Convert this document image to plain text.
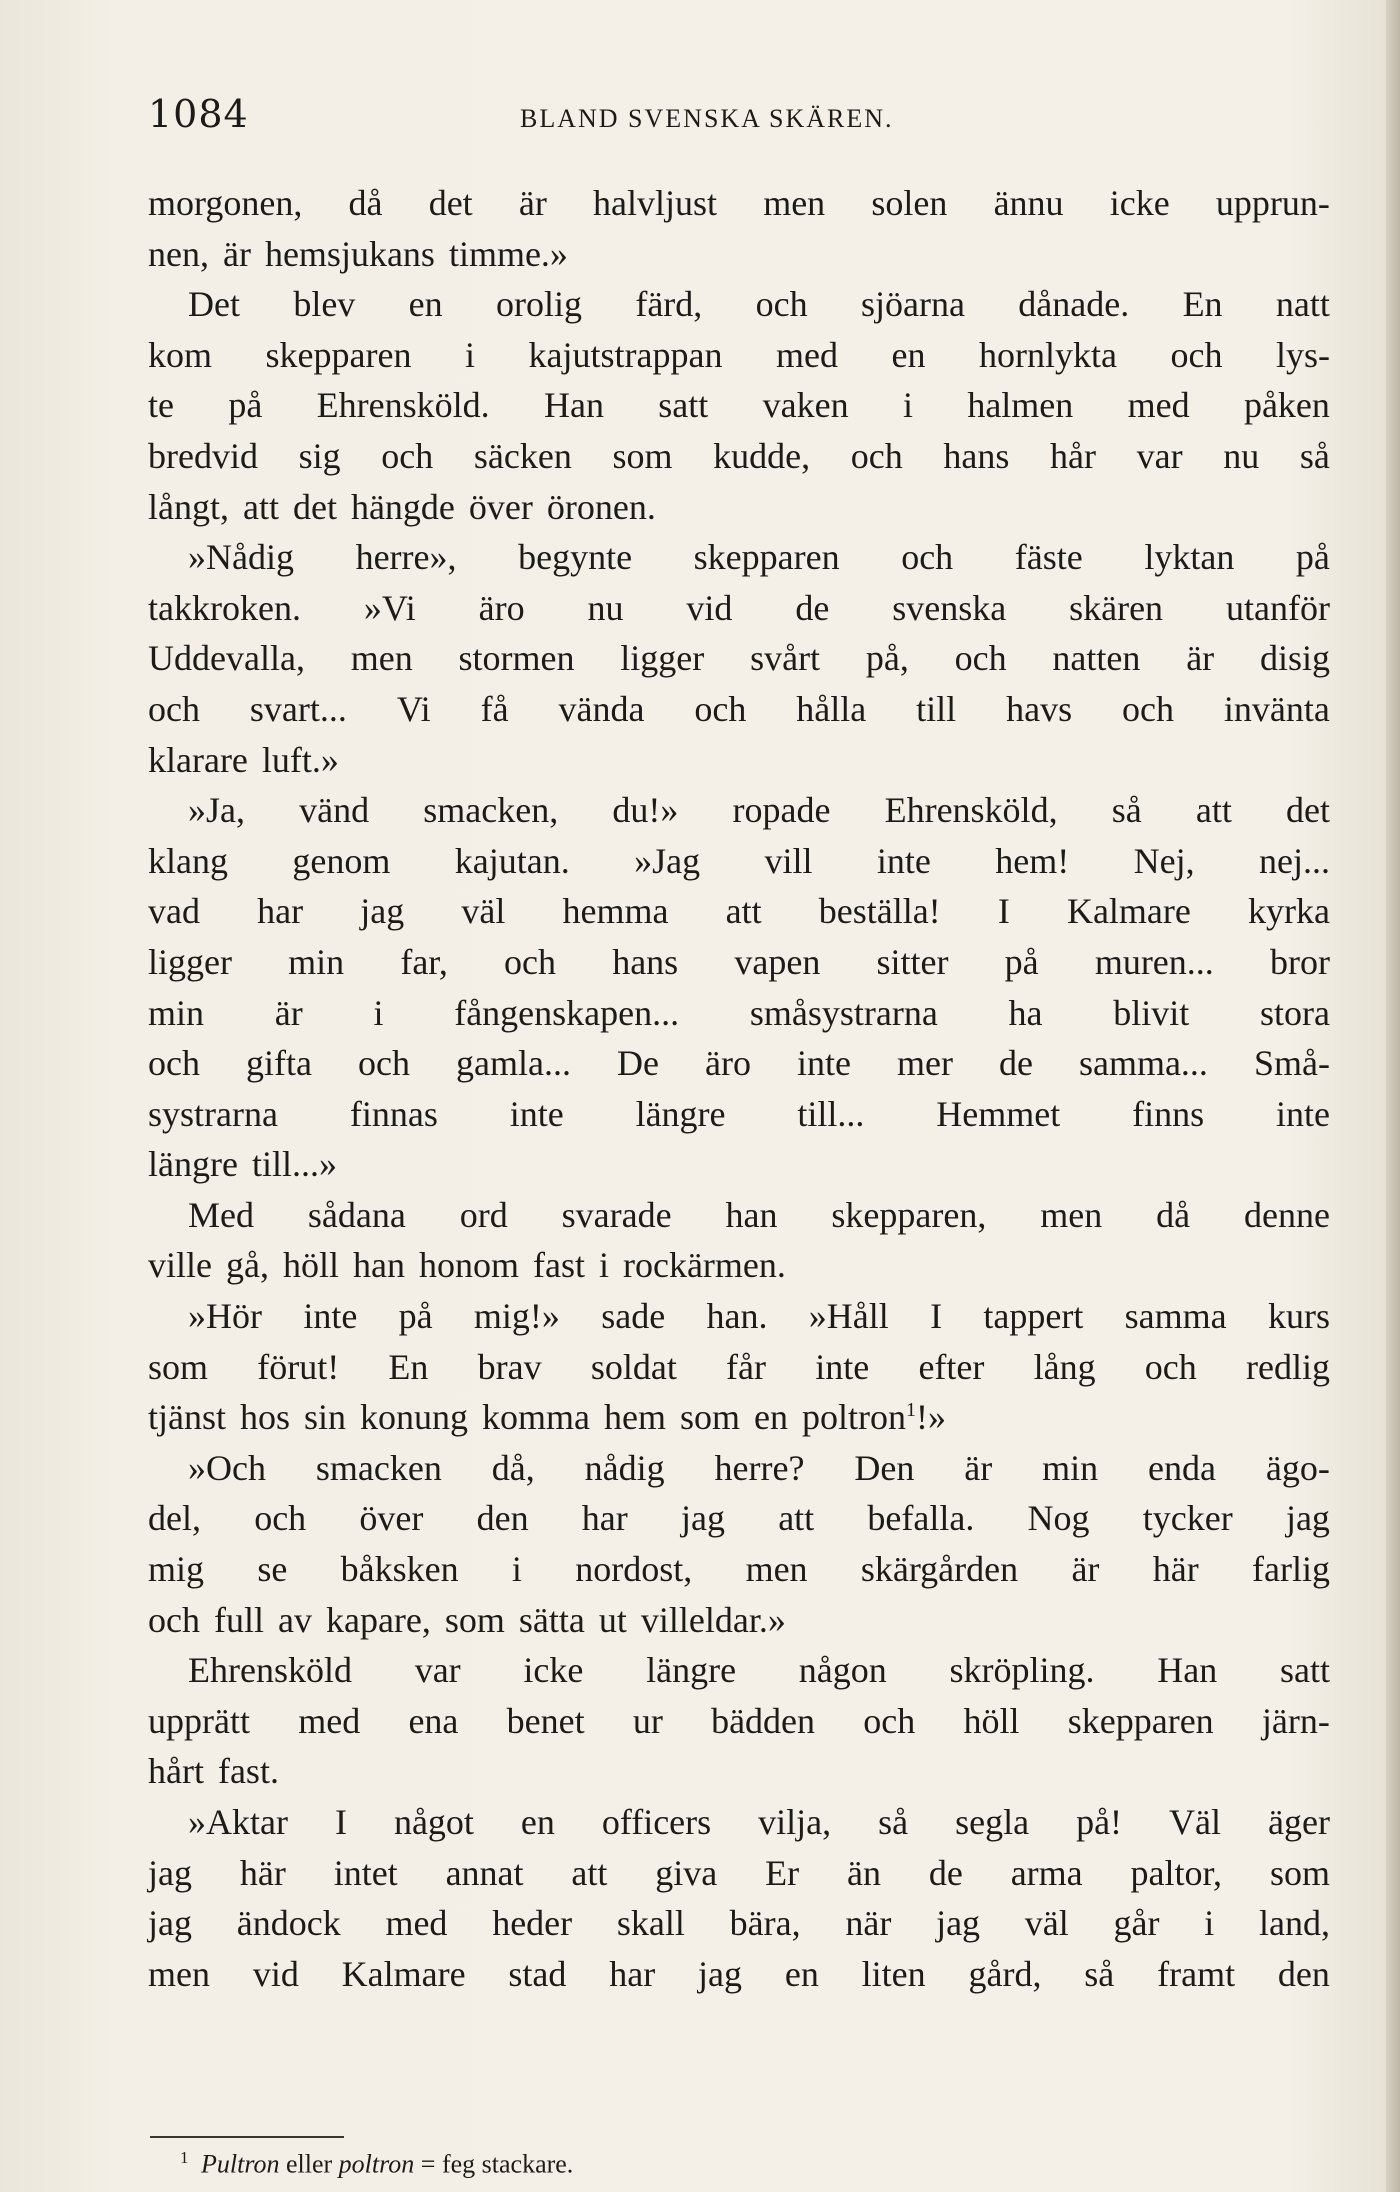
1084	BLAND SVENSKA SKÄREN.
morgonen, då det är halvljust men solen ännu icke upprun-
nen, är hemsjukans timme.»
Det blev en orolig färd, och sjöarna dånade. En natt
kom skepparen i kajutstrappan med en hornlykta och lys-
te på Ehrensköld. Han satt vaken i halmen med påken
bredvid sig och säcken som kudde, och hans hår var nu så
långt, att det hängde över öronen.
»Nådig herre», begynte skepparen och fäste lyktan på
takkroken. »Vi äro nu vid de svenska skären utanför
Uddevalla, men stormen ligger svårt på, och natten är disig
och svart... Vi få vända och hålla till havs och invänta
klarare luft.»
»Ja, vänd smacken, du!» ropade Ehrensköld, så att det
klang genom kajutan. »Jag vill inte hem! Nej, nej...
vad har jag väl hemma att beställa! I Kalmare kyrka
ligger min far, och hans vapen sitter på muren... bror
min är i fångenskapen... småsystrarna ha blivit stora
och gifta och gamla... De äro inte mer de samma... Små-
systrarna finnas inte längre till... Hemmet finns inte
längre till...»
Med sådana ord svarade han skepparen, men då denne
ville gå, höll han honom fast i rockärmen.
»Hör inte på mig!» sade han. »Håll I tappert samma kurs
som förut! En brav soldat får inte efter lång och redlig
tjänst hos sin konung komma hem som en poltron$^1$!»
»Och smacken då, nådig herre? Den är min enda ägo-
del, och över den har jag att befalla. Nog tycker jag
mig se båksken i nordost, men skärgården är här farlig
och full av kapare, som sätta ut villeldar.»
Ehrensköld var icke längre någon skröpling. Han satt
upprätt med ena benet ur bädden och höll skepparen järn-
hårt fast.
»Aktar I något en officers vilja, så segla på! Väl äger
jag här intet annat att giva Er än de arma paltor, som
jag ändock med heder skall bära, när jag väl går i land,
men vid Kalmare stad har jag en liten gård, så framt den
$^1$ Pultron eller poltron = feg stackare.
